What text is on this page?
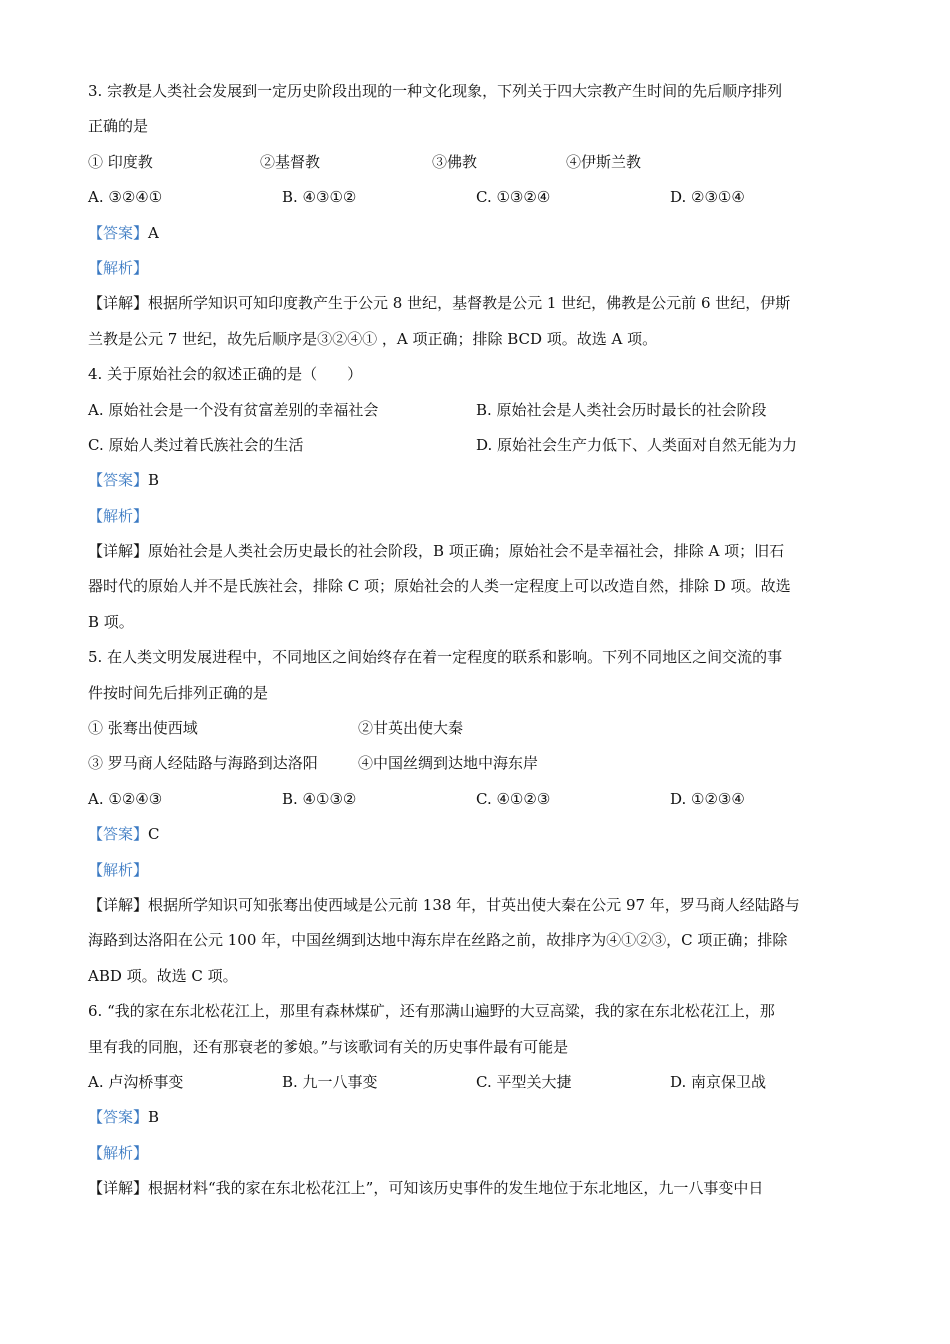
3. 宗教是人类社会发展到一定历史阶段出现的一种文化现象，下列关于四大宗教产生时间的先后顺序排列
正确的是
① 印度教	②基督教	③佛教	④伊斯兰教
A. ③②④①	B. ④③①②	C. ①③②④	D. ②③①④
【答案】A
【解析】
【详解】根据所学知识可知印度教产生于公元 8 世纪，基督教是公元 1 世纪，佛教是公元前 6 世纪，伊斯
兰教是公元 7 世纪，故先后顺序是③②④① ，A 项正确；排除 BCD 项。故选 A 项。
4. 关于原始社会的叙述正确的是（　　）
A. 原始社会是一个没有贫富差别的幸福社会	B. 原始社会是人类社会历时最长的社会阶段
C. 原始人类过着氏族社会的生活	D. 原始社会生产力低下、人类面对自然无能为力
【答案】B
【解析】
【详解】原始社会是人类社会历史最长的社会阶段，B 项正确；原始社会不是幸福社会，排除 A 项；旧石
器时代的原始人并不是氏族社会，排除 C 项；原始社会的人类一定程度上可以改造自然，排除 D 项。故选
B 项。
5. 在人类文明发展进程中，不同地区之间始终存在着一定程度的联系和影响。下列不同地区之间交流的事
件按时间先后排列正确的是
① 张骞出使西域	②甘英出使大秦
③ 罗马商人经陆路与海路到达洛阳	④中国丝绸到达地中海东岸
A. ①②④③	B. ④①③②	C. ④①②③	D. ①②③④
【答案】C
【解析】
【详解】根据所学知识可知张骞出使西域是公元前 138 年，甘英出使大秦在公元 97 年，罗马商人经陆路与
海路到达洛阳在公元 100 年，中国丝绸到达地中海东岸在丝路之前，故排序为④①②③，C 项正确；排除
ABD 项。故选 C 项。
6. “我的家在东北松花江上，那里有森林煤矿，还有那满山遍野的大豆高粱，我的家在东北松花江上，那
里有我的同胞，还有那衰老的爹娘。”与该歌词有关的历史事件最有可能是
A. 卢沟桥事变	B. 九一八事变	C. 平型关大捷	D. 南京保卫战
【答案】B
【解析】
【详解】根据材料“我的家在东北松花江上”，可知该历史事件的发生地位于东北地区，九一八事变中日
